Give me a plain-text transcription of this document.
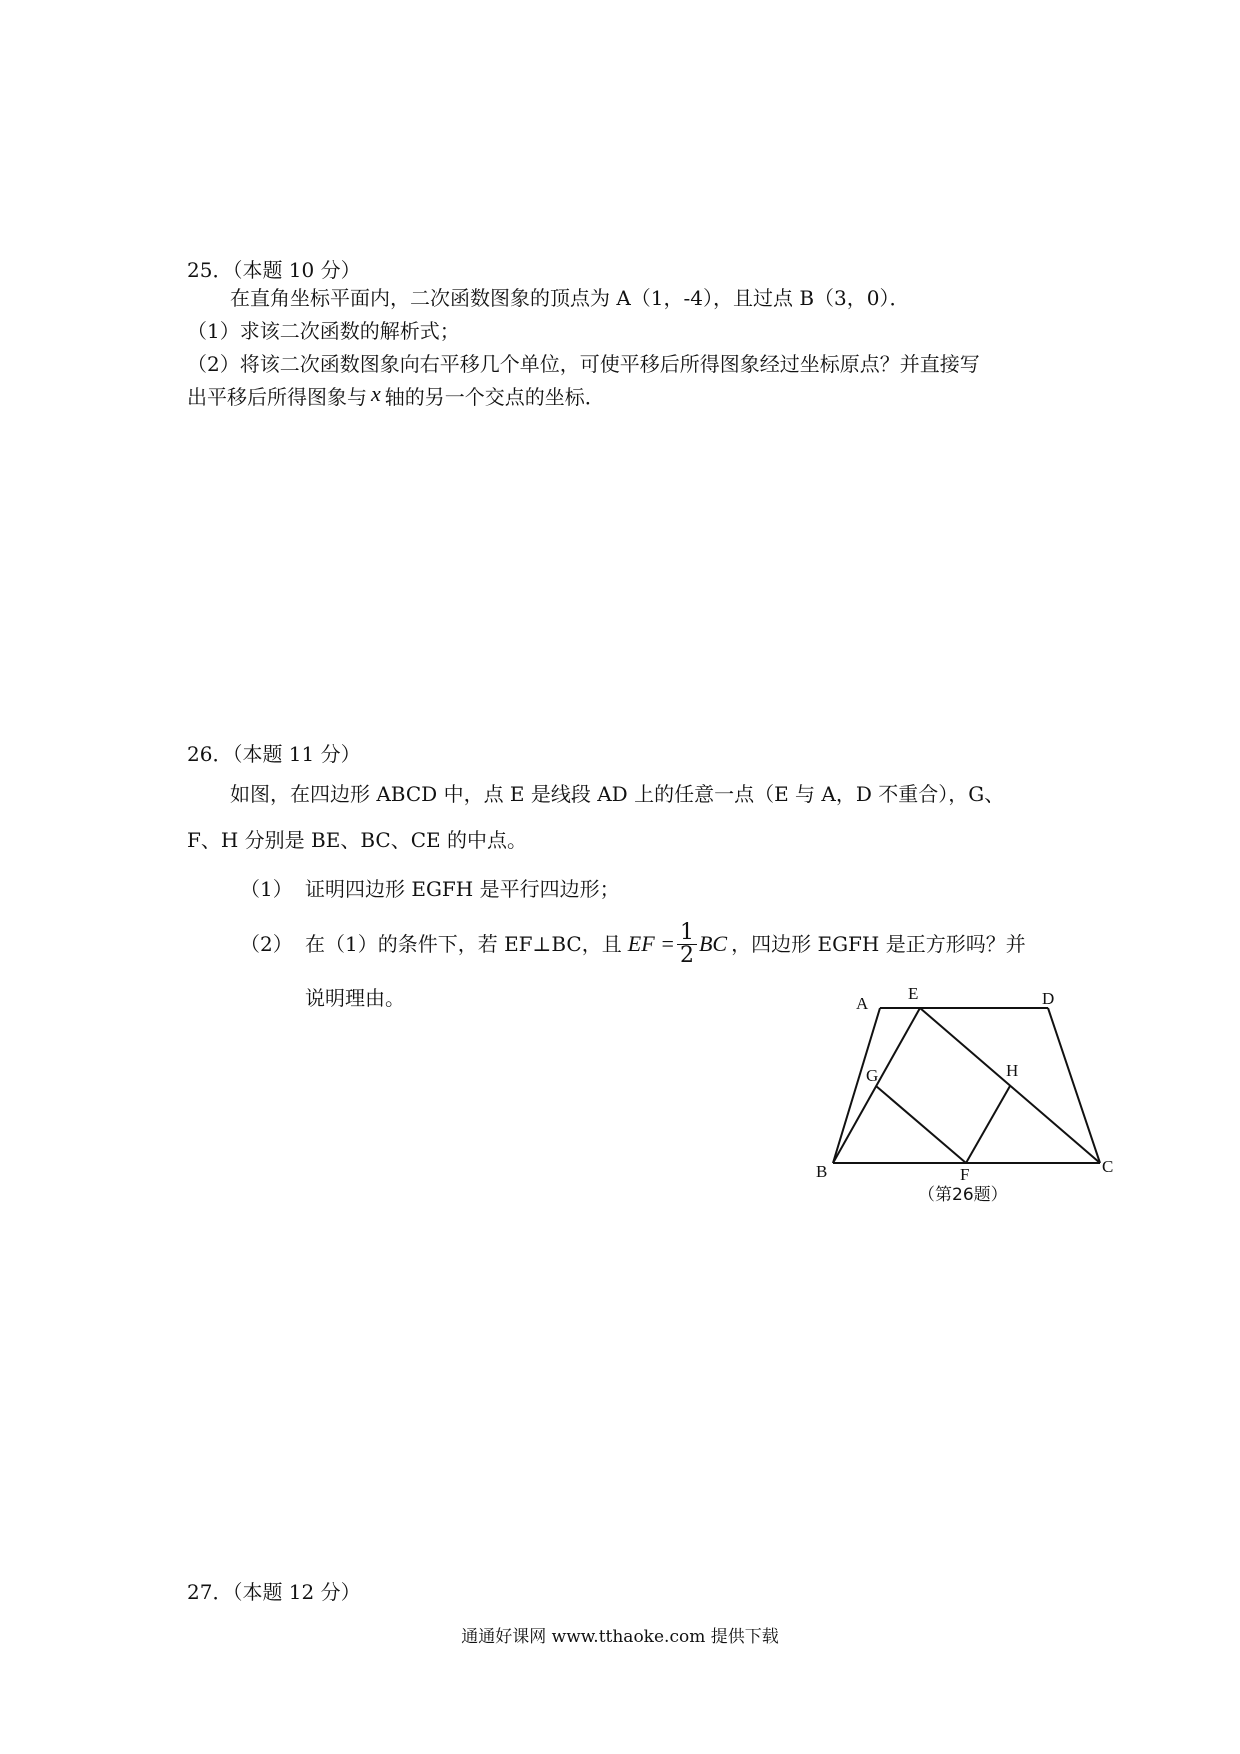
25．（本题 10 分）
在直角坐标平面内，二次函数图象的顶点为 A（1，-4），且过点 B（3，0）．
（1）求该二次函数的解析式；
（2）将该二次函数图象向右平移几个单位，可使平移后所得图象经过坐标原点？并直接写
出平移后所得图象与 x 轴的另一个交点的坐标．
26．（本题 11 分）
如图，在四边形 ABCD 中，点 E 是线段 AD 上的任意一点（E 与 A，D 不重合），G、
F、H 分别是 BE、BC、CE 的中点。
（1） 证明四边形 EGFH 是平行四边形；
（2） 在（1）的条件下，若 EF⊥BC，且 EF = $\frac{1}{2}$ BC ，四边形 EGFH 是正方形吗？并
说明理由。	A
E	D
G	H
B	C
F
（第26题）
27．（本题 12 分）
通通好课网 www.tthaoke.com 提供下载
